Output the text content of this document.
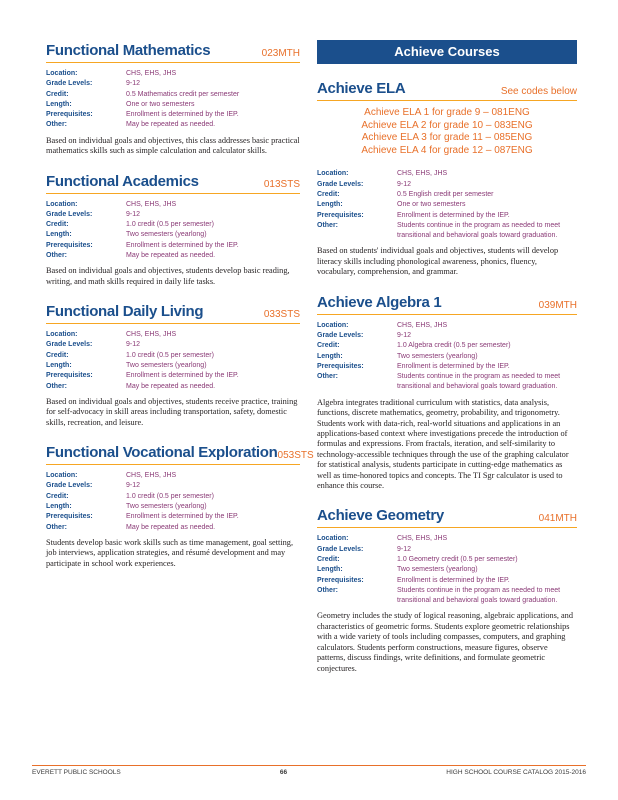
Functional Mathematics	023MTH
Location:	CHS, EHS, JHS
Grade Levels:	9-12
Credit:	0.5 Mathematics credit per semester
Length:	One or two semesters
Prerequisites:	Enrollment is determined by the IEP.
Other:	May be repeated as needed.

Based on individual goals and objectives, this class addresses basic practical mathematics skills such as simple calculation and calculator skills.

Functional Academics	013STS
Location:	CHS, EHS, JHS
Grade Levels:	9-12
Credit:	1.0 credit (0.5 per semester)
Length:	Two semesters (yearlong)
Prerequisites:	Enrollment is determined by the IEP.
Other:	May be repeated as needed.

Based on individual goals and objectives, students develop basic reading, writing, and math skills required in daily life tasks.

Functional Daily Living	033STS
Location:	CHS, EHS, JHS
Grade Levels:	9-12
Credit:	1.0 credit (0.5 per semester)
Length:	Two semesters (yearlong)
Prerequisites:	Enrollment is determined by the IEP.
Other:	May be repeated as needed.

Based on individual goals and objectives, students receive practice, training for self-advocacy in skill areas including transportation, safety, domestic skills, recreation, and leisure.

Functional Vocational Exploration 053STS
Location:	CHS, EHS, JHS
Grade Levels:	9-12
Credit:	1.0 credit (0.5 per semester)
Length:	Two semesters (yearlong)
Prerequisites:	Enrollment is determined by the IEP.
Other:	May be repeated as needed.

Students develop basic work skills such as time management, goal setting, job interviews, application strategies, and résumé development and may participate in school work experiences.

Achieve Courses
Achieve ELA	See codes below
Achieve ELA 1 for grade 9 – 081ENG
Achieve ELA 2 for grade 10 – 083ENG
Achieve ELA 3 for grade 11 – 085ENG
Achieve ELA 4 for grade 12 – 087ENG
Location:	CHS, EHS, JHS
Grade Levels:	9-12
Credit:	0.5 English credit per semester
Length:	One or two semesters
Prerequisites:	Enrollment is determined by the IEP.
Other:	Students continue in the program as needed to meet transitional and behavioral goals toward graduation.

Based on students' individual goals and objectives, students will develop literacy skills including phonological awareness, phonics, fluency, vocabulary, comprehension, and grammar.

Achieve Algebra 1	039MTH
Location:	CHS, EHS, JHS
Grade Levels:	9-12
Credit:	1.0 Algebra credit (0.5 per semester)
Length:	Two semesters (yearlong)
Prerequisites:	Enrollment is determined by the IEP.
Other:	Students continue in the program as needed to meet transitional and behavioral goals toward graduation.

Algebra integrates traditional curriculum with statistics, data analysis, functions, discrete mathematics, geometry, probability, and trigonometry. Students work with data-rich, real-world situations and applications in an applications-based context where investigations precede the introduction of formulas and expressions. From fractals, iteration, and self-similarity to technology-accessible techniques through the use of the graphing calculator for statistical analysis, students participate in cutting-edge mathematics as well as time-honored topics and concepts. The TI Sgr calculator is used to enhance this course.

Achieve Geometry	041MTH
Location:	CHS, EHS, JHS
Grade Levels:	9-12
Credit:	1.0 Geometry credit (0.5 per semester)
Length:	Two semesters (yearlong)
Prerequisites:	Enrollment is determined by the IEP.
Other:	Students continue in the program as needed to meet transitional and behavioral goals toward graduation.

Geometry includes the study of logical reasoning, algebraic applications, and characteristics of geometric forms. Students explore geometric relationships with a wide variety of tools including compasses, computers, and graphing calculators. Students perform constructions, measure figures, observe patterns, discuss findings, write definitions, and formulate geometric conjectures.

EVERETT PUBLIC SCHOOLS	66	HIGH SCHOOL COURSE CATALOG 2015-2016
